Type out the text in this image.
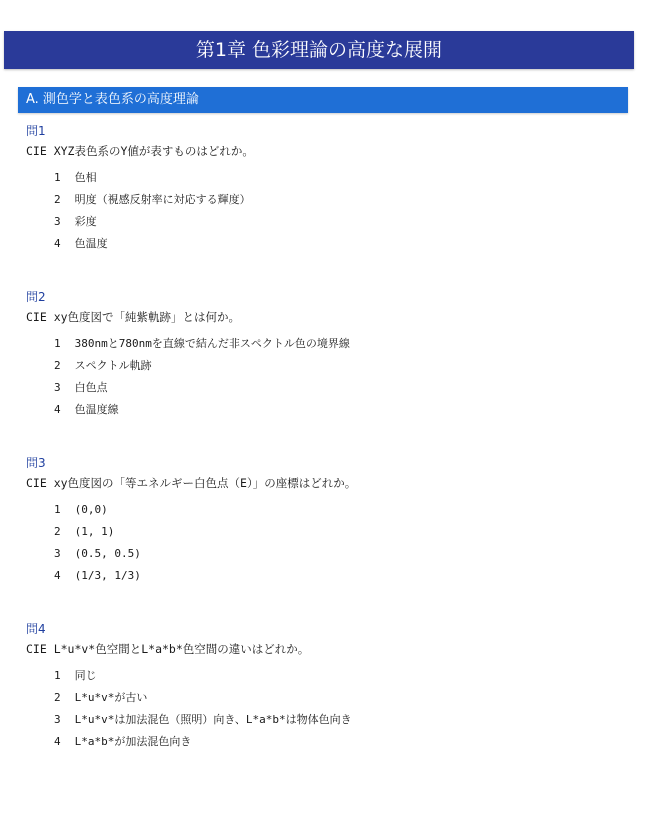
第1章 色彩理論の高度な展開
A. 測色学と表色系の高度理論
問1
CIE XYZ表色系のY値が表すものはどれか。
1 色相
2 明度（視感反射率に対応する輝度）
3 彩度
4 色温度
問2
CIE xy色度図で「純紫軌跡」とは何か。
1 380nmと780nmを直線で結んだ非スペクトル色の境界線
2 スペクトル軌跡
3 白色点
4 色温度線
問3
CIE xy色度図の「等エネルギー白色点（E）」の座標はどれか。
1 (0,0)
2 (1, 1)
3 (0.5, 0.5)
4 (1/3, 1/3)
問4
CIE L*u*v*色空間とL*a*b*色空間の違いはどれか。
1 同じ
2 L*u*v*が古い
3 L*u*v*は加法混色（照明）向き、L*a*b*は物体色向き
4 L*a*b*が加法混色向き
